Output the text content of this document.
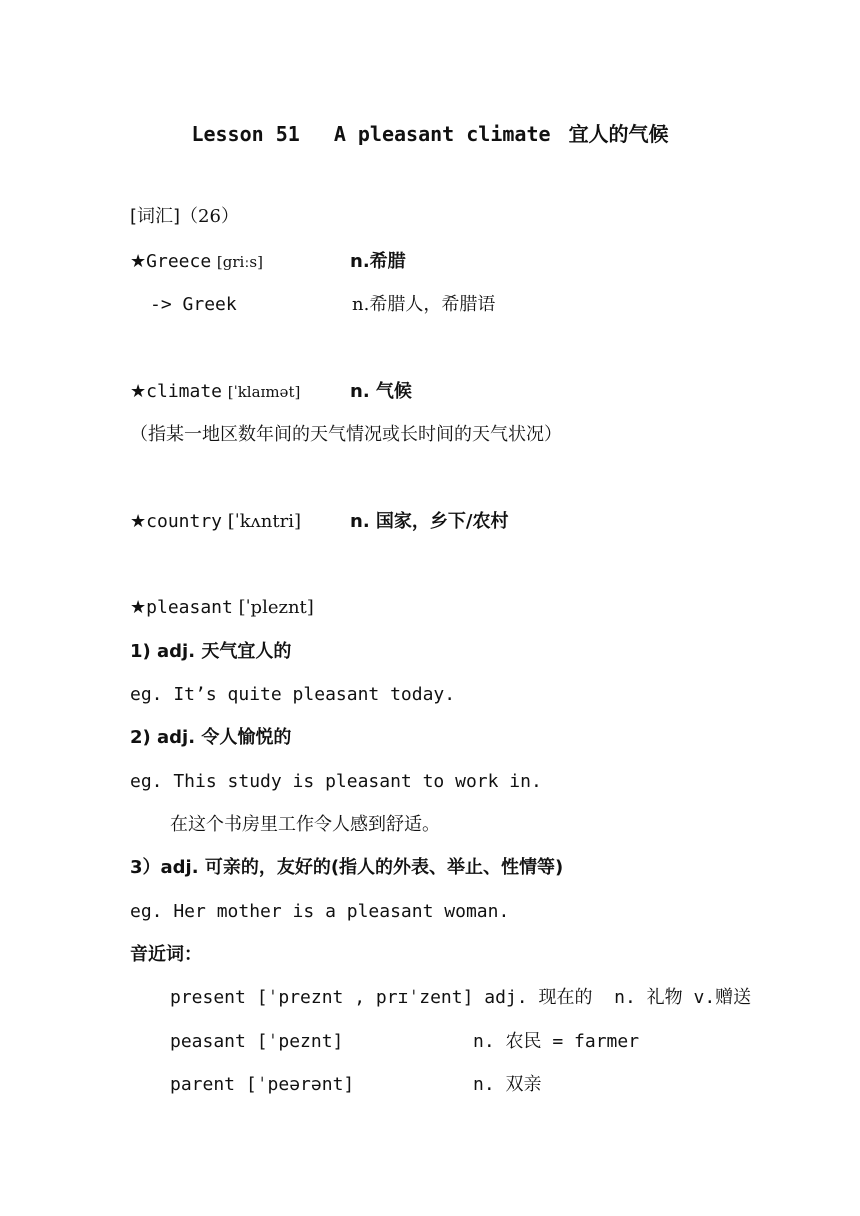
Lesson 51 A pleasant climate 宜人的气候
[词汇]（26）
★Greece [griːs]	n.希腊
-> Greek	n.希腊人，希腊语
★climate [ˈklaɪmət]	n. 气候
（指某一地区数年间的天气情况或长时间的天气状况）
★country [ˈkʌntri]	n. 国家，乡下/农村
★pleasant [ˈpleznt]
1) adj. 天气宜人的
eg. It’s quite pleasant today.
2) adj. 令人愉悦的
eg. This study is pleasant to work in.
在这个书房里工作令人感到舒适。
3）adj. 可亲的，友好的(指人的外表、举止、性情等)
eg. Her mother is a pleasant woman.
音近词：
present [ˈpreznt , prɪˈzent] adj. 现在的  n. 礼物 v.赠送
peasant [ˈpeznt]	n. 农民 = farmer
parent [ˈpeərənt]	n. 双亲
